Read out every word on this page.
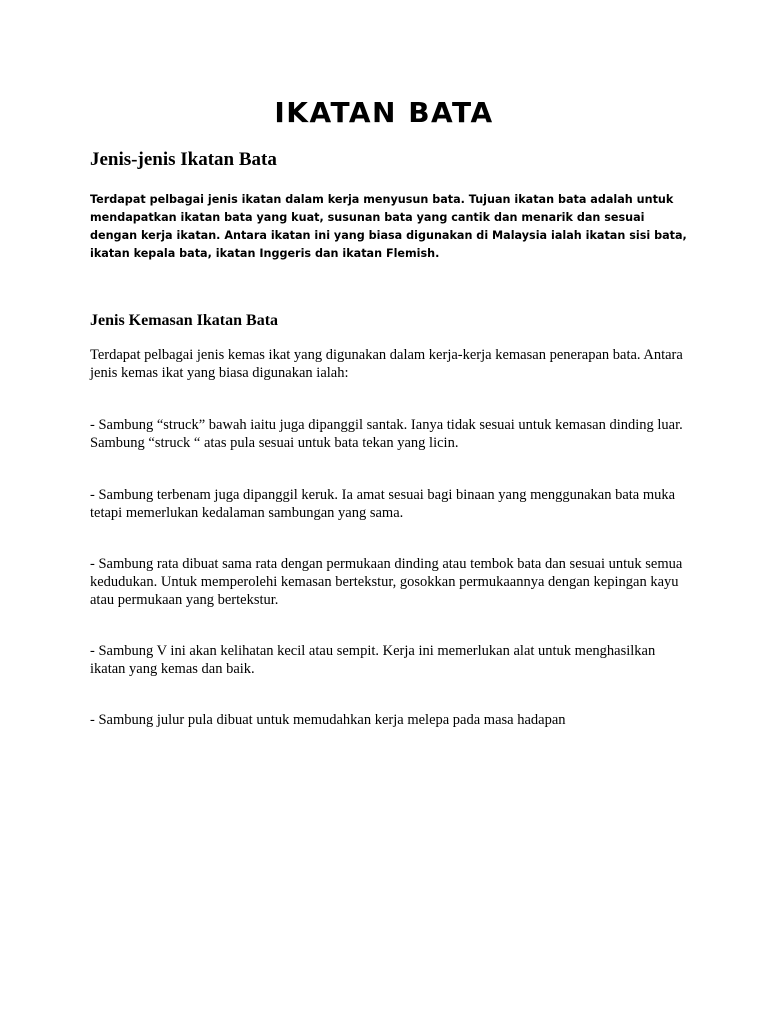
IKATAN BATA
Jenis-jenis Ikatan Bata

Terdapat pelbagai jenis ikatan dalam kerja menyusun bata. Tujuan ikatan bata adalah untuk mendapatkan ikatan bata yang kuat, susunan bata yang cantik dan menarik dan sesuai dengan kerja ikatan. Antara ikatan ini yang biasa digunakan di Malaysia ialah ikatan sisi bata, ikatan kepala bata, ikatan Inggeris dan ikatan Flemish.

Jenis Kemasan Ikatan Bata

Terdapat pelbagai jenis kemas ikat yang digunakan dalam kerja-kerja kemasan penerapan bata. Antara jenis kemas ikat yang biasa digunakan ialah:

- Sambung “struck” bawah iaitu juga dipanggil santak. Ianya tidak sesuai untuk kemasan dinding luar. Sambung “struck “ atas pula sesuai untuk bata tekan yang licin.

- Sambung terbenam juga dipanggil keruk. Ia amat sesuai bagi binaan yang menggunakan bata muka tetapi memerlukan kedalaman sambungan yang sama.

- Sambung rata dibuat sama rata dengan permukaan dinding atau tembok bata dan sesuai untuk semua kedudukan. Untuk memperolehi kemasan bertekstur, gosokkan permukaannya dengan kepingan kayu atau permukaan yang bertekstur.

- Sambung V ini akan kelihatan kecil atau sempit. Kerja ini memerlukan alat untuk menghasilkan ikatan yang kemas dan baik.

- Sambung julur pula dibuat untuk memudahkan kerja melepa pada masa hadapan
